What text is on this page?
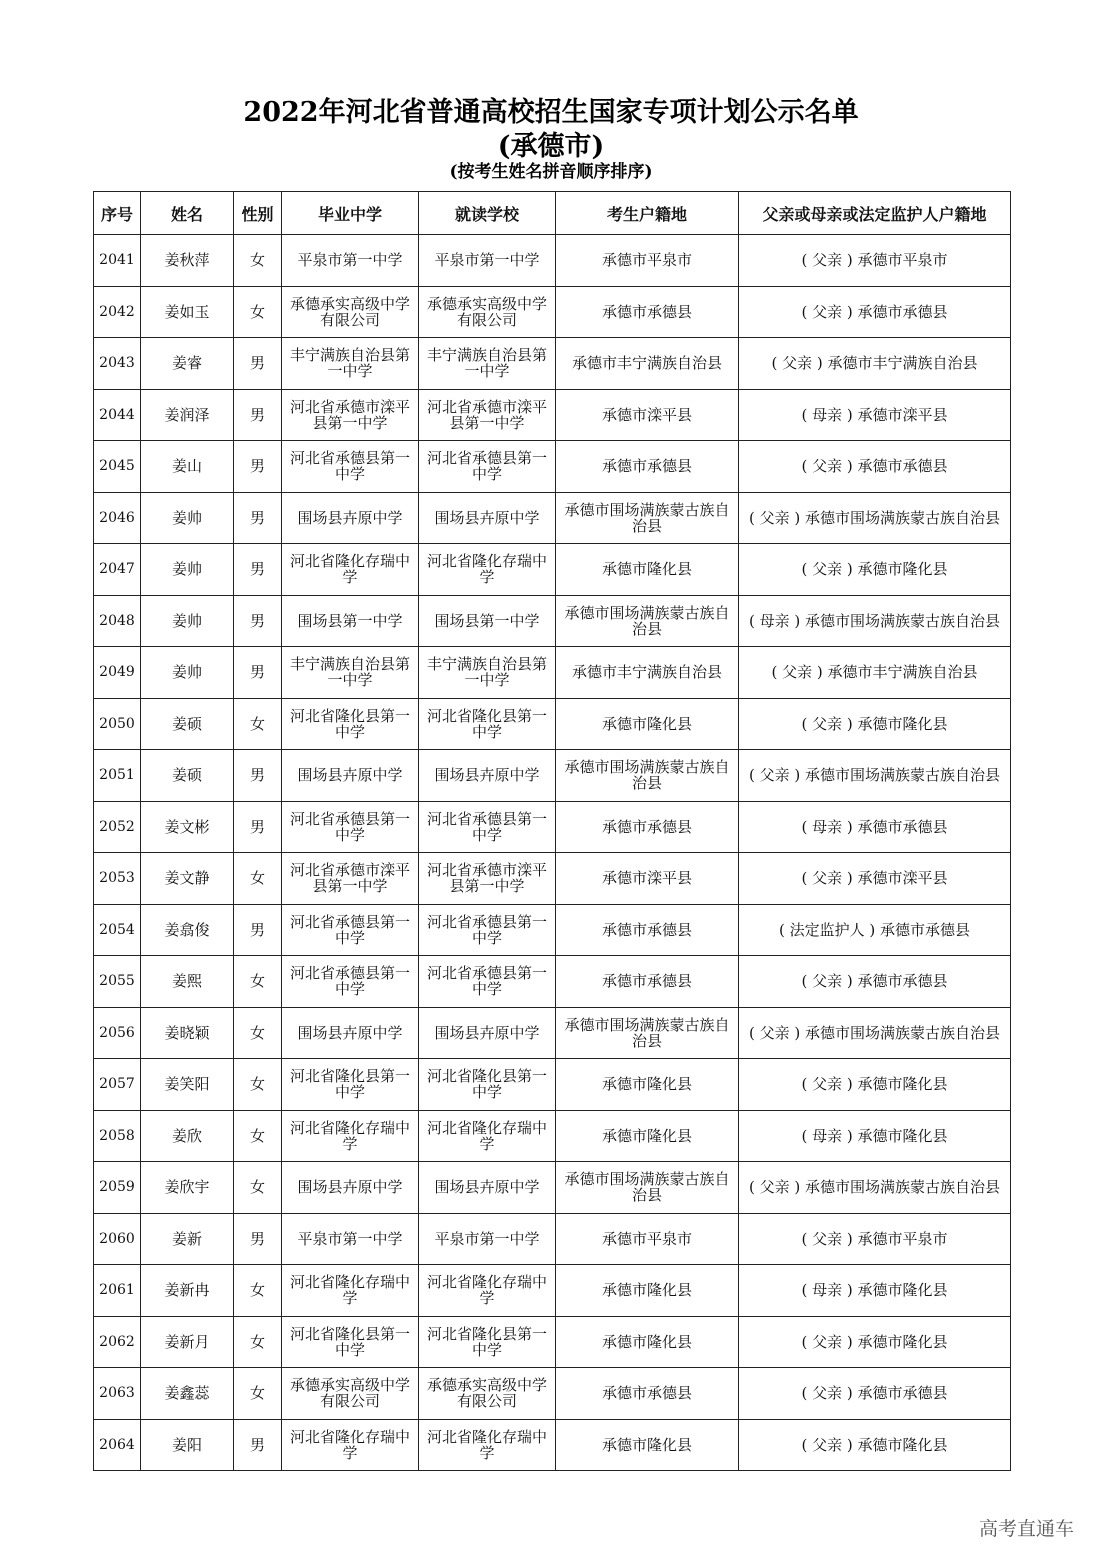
2022年河北省普通高校招生国家专项计划公示名单
(承德市)
(按考生姓名拼音顺序排序)
序号	姓名	性别	毕业中学	就读学校	考生户籍地	父亲或母亲或法定监护人户籍地
2041	姜秋萍	女	平泉市第一中学	平泉市第一中学	承德市平泉市	( 父亲 ) 承德市平泉市
2042	姜如玉	女	承德承实高级中学有限公司	承德承实高级中学有限公司	承德市承德县	( 父亲 ) 承德市承德县
2043	姜睿	男	丰宁满族自治县第一中学	丰宁满族自治县第一中学	承德市丰宁满族自治县	( 父亲 ) 承德市丰宁满族自治县
2044	姜润泽	男	河北省承德市滦平县第一中学	河北省承德市滦平县第一中学	承德市滦平县	( 母亲 ) 承德市滦平县
2045	姜山	男	河北省承德县第一中学	河北省承德县第一中学	承德市承德县	( 父亲 ) 承德市承德县
2046	姜帅	男	围场县卉原中学	围场县卉原中学	承德市围场满族蒙古族自治县	( 父亲 ) 承德市围场满族蒙古族自治县
2047	姜帅	男	河北省隆化存瑞中学	河北省隆化存瑞中学	承德市隆化县	( 父亲 ) 承德市隆化县
2048	姜帅	男	围场县第一中学	围场县第一中学	承德市围场满族蒙古族自治县	( 母亲 ) 承德市围场满族蒙古族自治县
2049	姜帅	男	丰宁满族自治县第一中学	丰宁满族自治县第一中学	承德市丰宁满族自治县	( 父亲 ) 承德市丰宁满族自治县
2050	姜硕	女	河北省隆化县第一中学	河北省隆化县第一中学	承德市隆化县	( 父亲 ) 承德市隆化县
2051	姜硕	男	围场县卉原中学	围场县卉原中学	承德市围场满族蒙古族自治县	( 父亲 ) 承德市围场满族蒙古族自治县
2052	姜文彬	男	河北省承德县第一中学	河北省承德县第一中学	承德市承德县	( 母亲 ) 承德市承德县
2053	姜文静	女	河北省承德市滦平县第一中学	河北省承德市滦平县第一中学	承德市滦平县	( 父亲 ) 承德市滦平县
2054	姜翕俊	男	河北省承德县第一中学	河北省承德县第一中学	承德市承德县	( 法定监护人 ) 承德市承德县
2055	姜熙	女	河北省承德县第一中学	河北省承德县第一中学	承德市承德县	( 父亲 ) 承德市承德县
2056	姜晓颖	女	围场县卉原中学	围场县卉原中学	承德市围场满族蒙古族自治县	( 父亲 ) 承德市围场满族蒙古族自治县
2057	姜笑阳	女	河北省隆化县第一中学	河北省隆化县第一中学	承德市隆化县	( 父亲 ) 承德市隆化县
2058	姜欣	女	河北省隆化存瑞中学	河北省隆化存瑞中学	承德市隆化县	( 母亲 ) 承德市隆化县
2059	姜欣宇	女	围场县卉原中学	围场县卉原中学	承德市围场满族蒙古族自治县	( 父亲 ) 承德市围场满族蒙古族自治县
2060	姜新	男	平泉市第一中学	平泉市第一中学	承德市平泉市	( 父亲 ) 承德市平泉市
2061	姜新冉	女	河北省隆化存瑞中学	河北省隆化存瑞中学	承德市隆化县	( 母亲 ) 承德市隆化县
2062	姜新月	女	河北省隆化县第一中学	河北省隆化县第一中学	承德市隆化县	( 父亲 ) 承德市隆化县
2063	姜鑫蕊	女	承德承实高级中学有限公司	承德承实高级中学有限公司	承德市承德县	( 父亲 ) 承德市承德县
2064	姜阳	男	河北省隆化存瑞中学	河北省隆化存瑞中学	承德市隆化县	( 父亲 ) 承德市隆化县
高考直通车
